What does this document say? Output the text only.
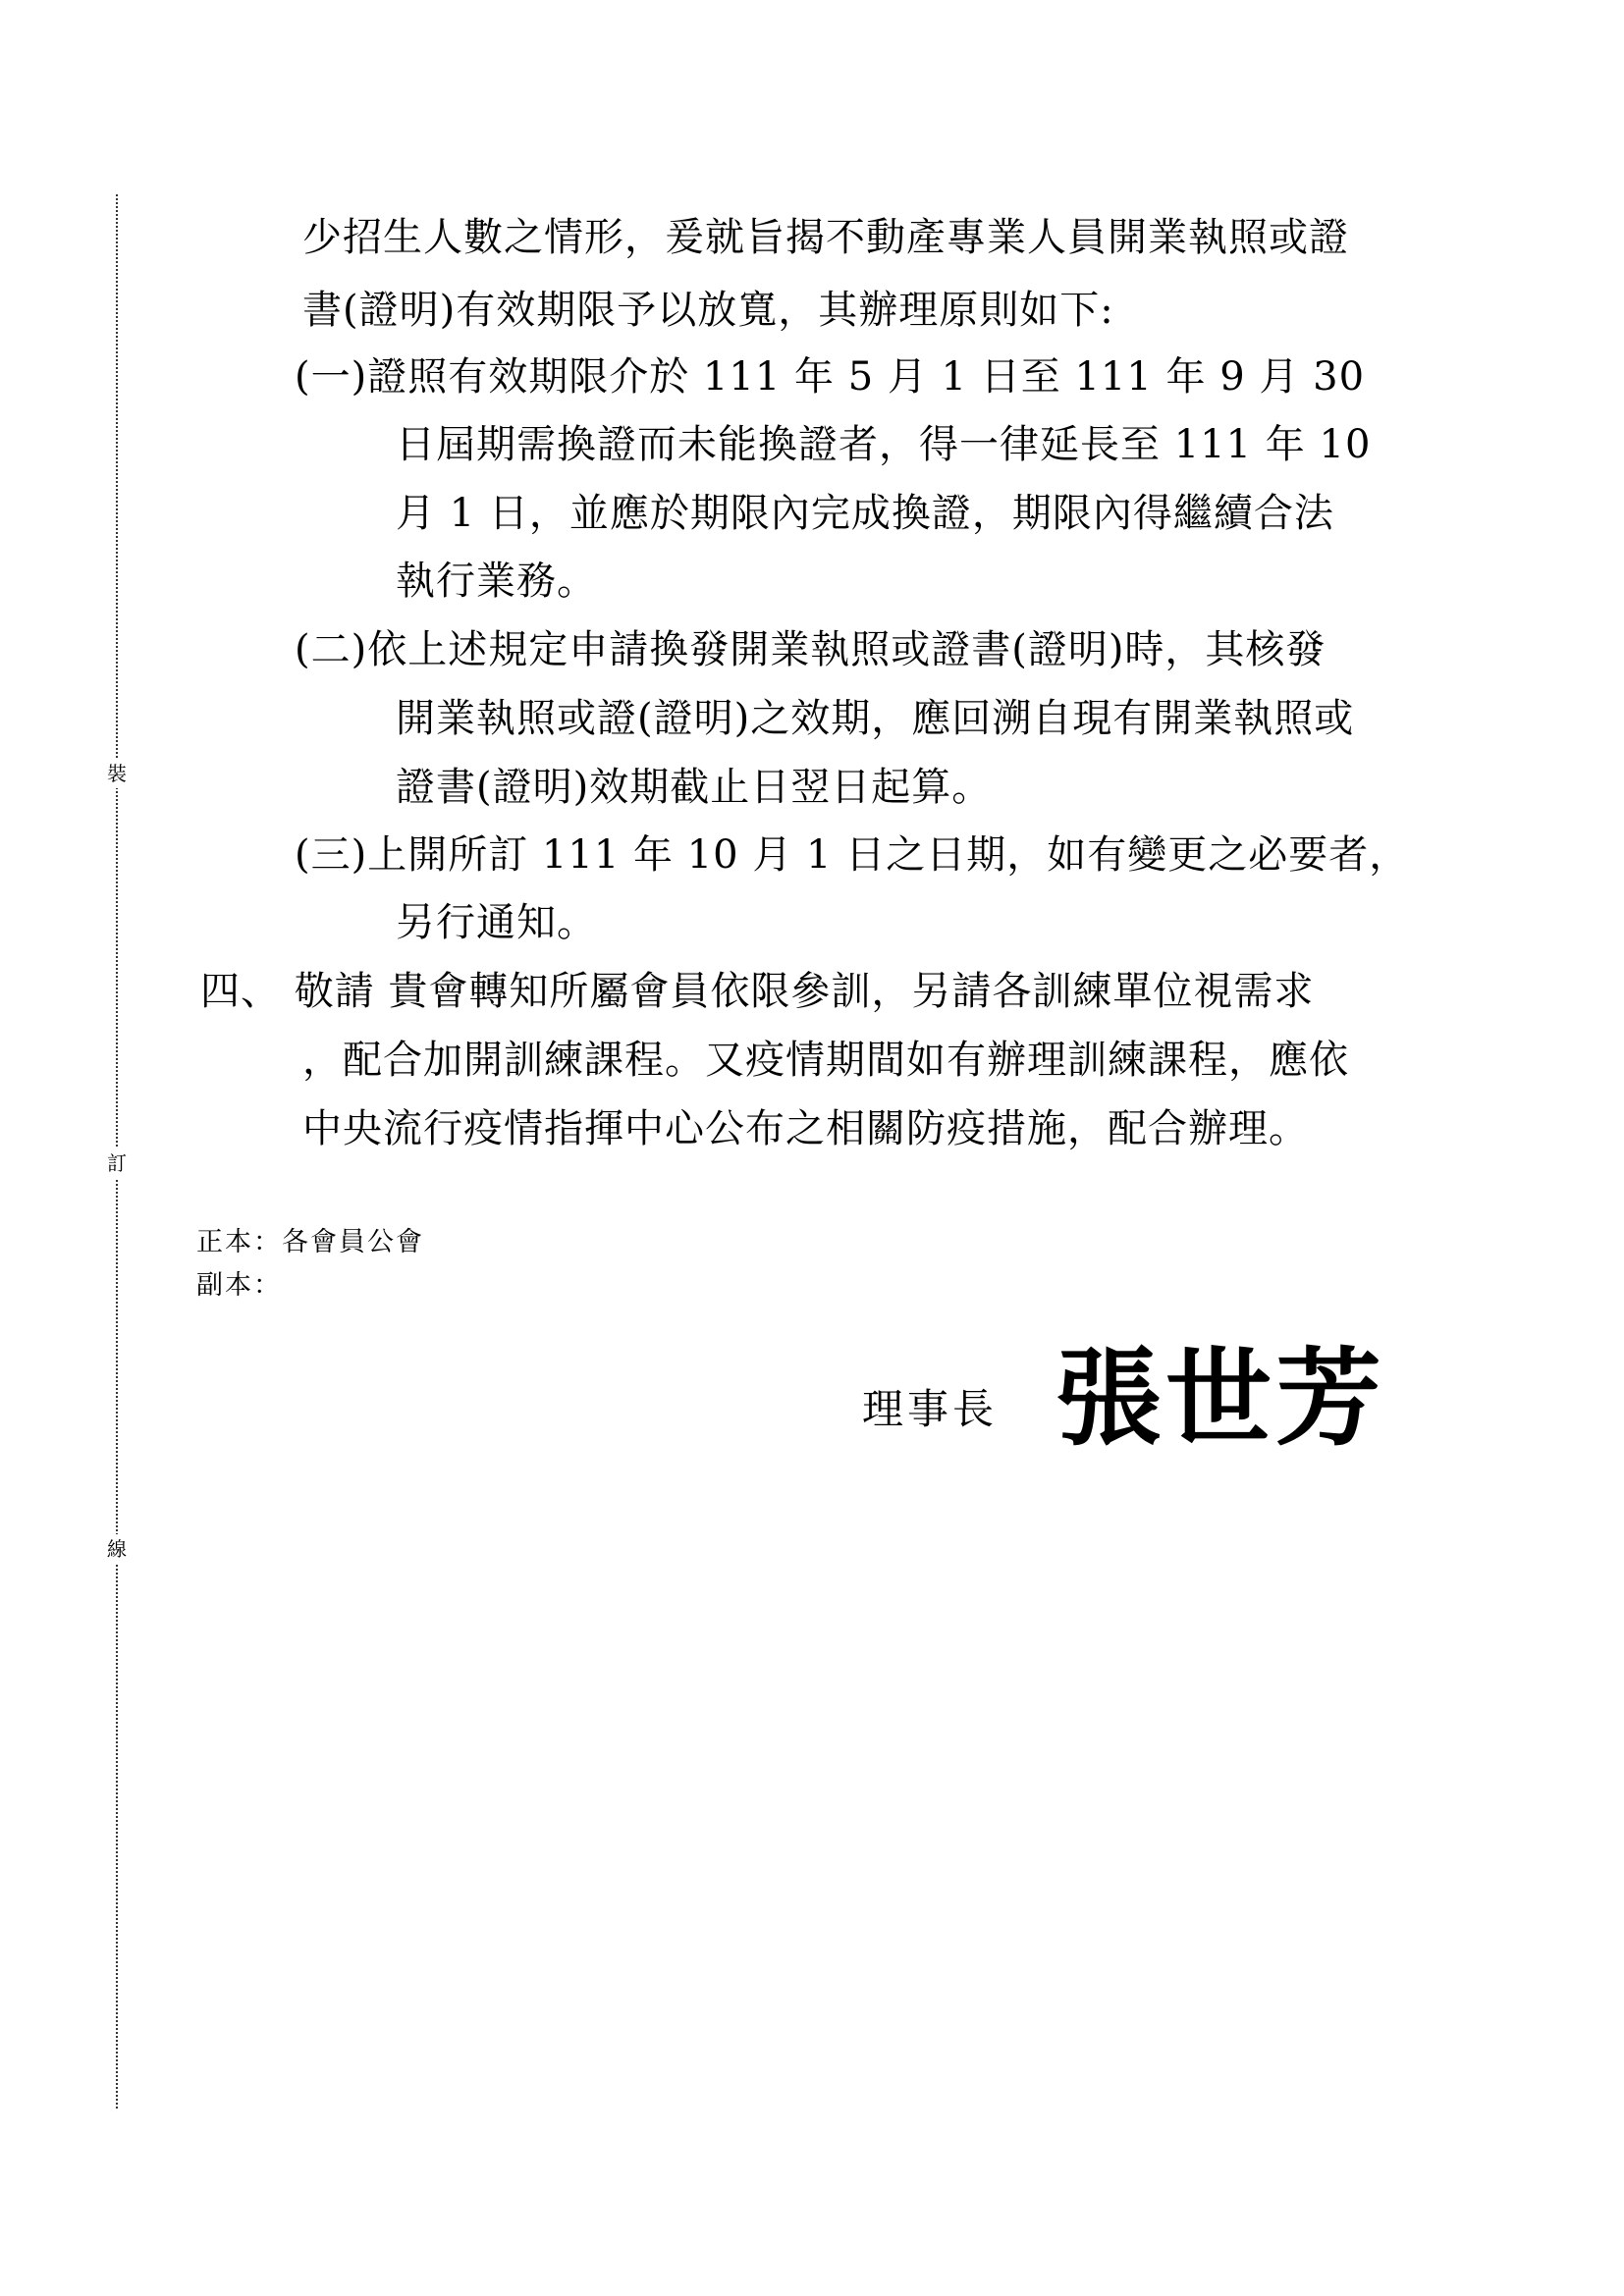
裝
訂
線
少招生人數之情形，爰就旨揭不動產專業人員開業執照或證
書(證明)有效期限予以放寬，其辦理原則如下:
(一)證照有效期限介於 111 年 5 月 1 日至 111 年 9 月 30
日屆期需換證而未能換證者，得一律延長至 111 年 10
月 1 日，並應於期限內完成換證，期限內得繼續合法
執行業務。
(二)依上述規定申請換發開業執照或證書(證明)時，其核發
開業執照或證(證明)之效期，應回溯自現有開業執照或
證書(證明)效期截止日翌日起算。
(三)上開所訂 111 年 10 月 1 日之日期，如有變更之必要者，
另行通知。
四、 敬請 貴會轉知所屬會員依限參訓，另請各訓練單位視需求
，配合加開訓練課程。又疫情期間如有辦理訓練課程，應依
中央流行疫情指揮中心公布之相關防疫措施，配合辦理。
正本：各會員公會
副本：
理事長 張世芳
